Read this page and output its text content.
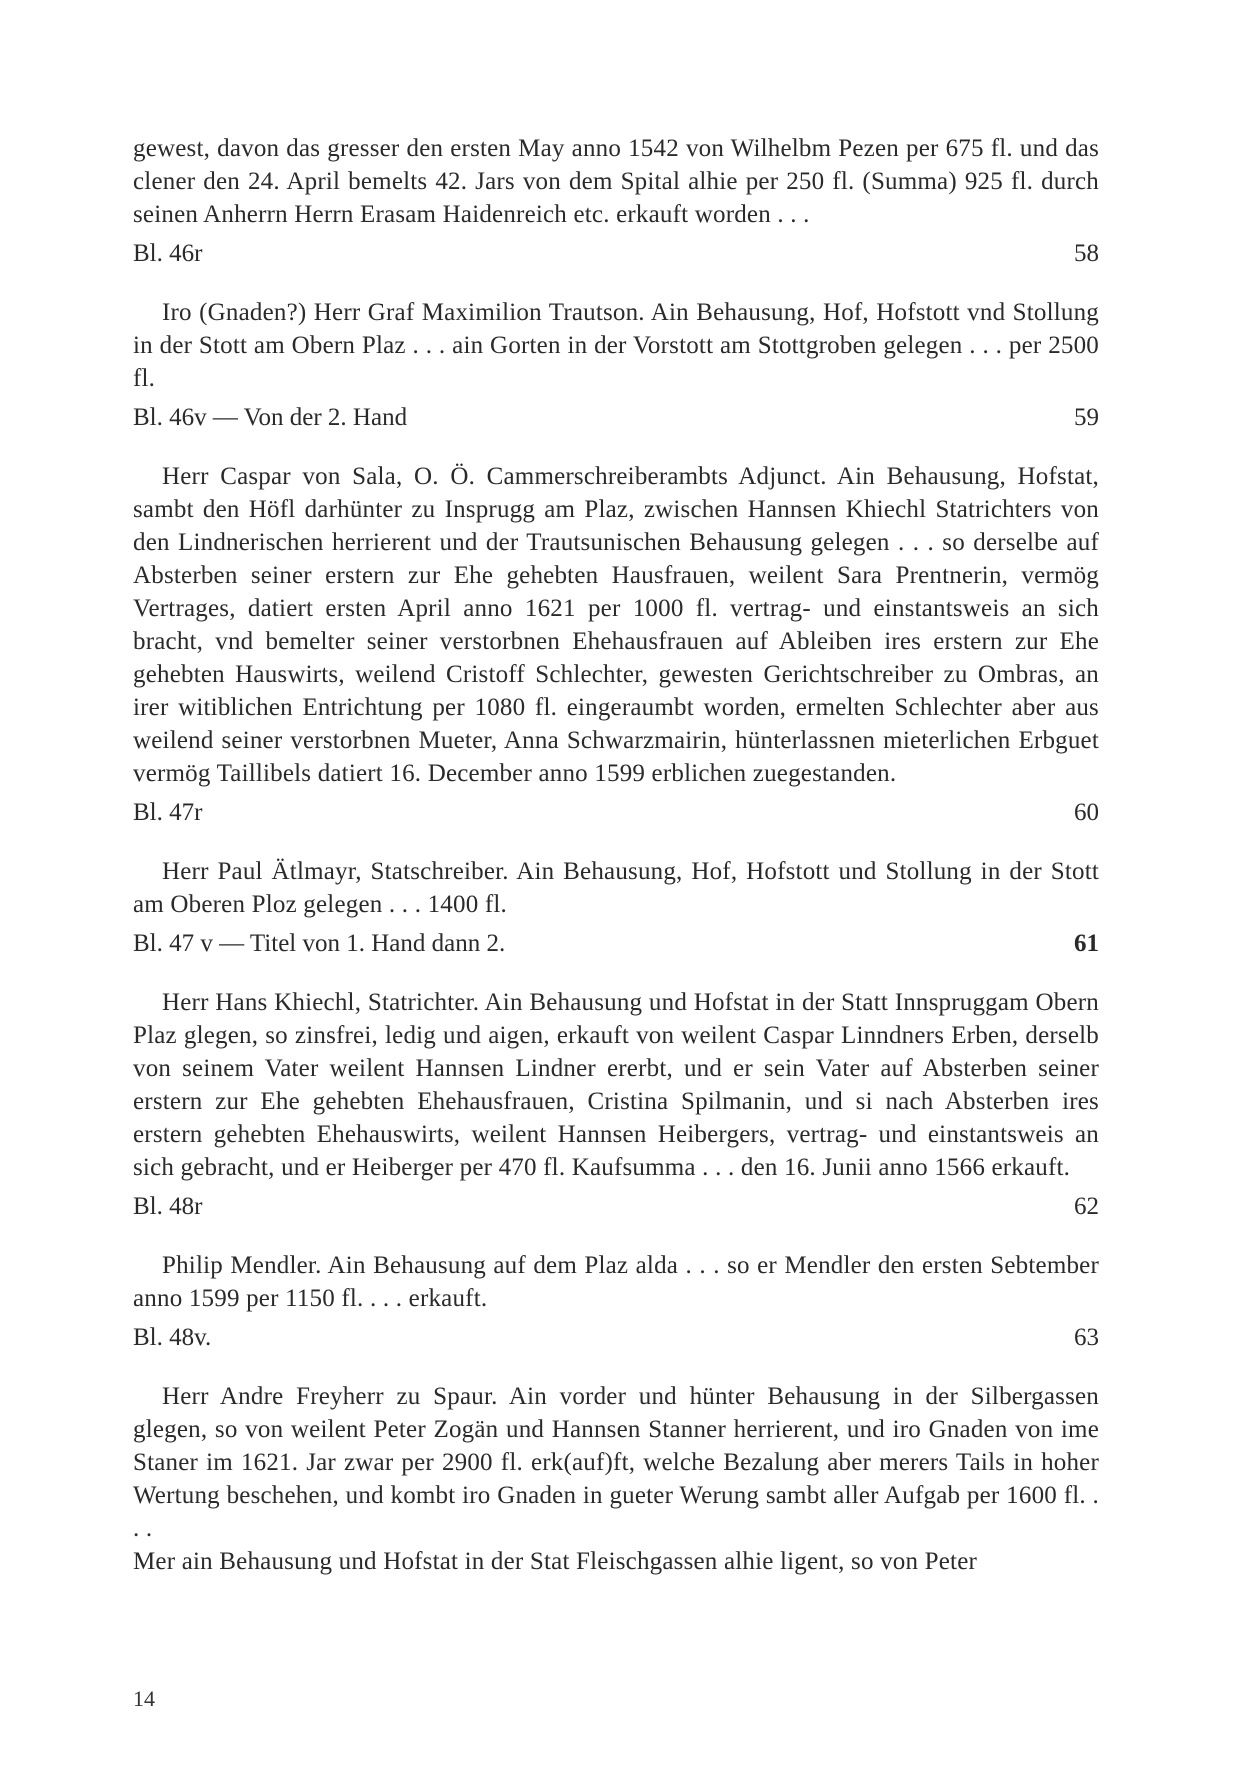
gewest, davon das gresser den ersten May anno 1542 von Wilhelbm Pezen per 675 fl. und das clener den 24. April bemelts 42. Jars von dem Spital alhie per 250 fl. (Summa) 925 fl. durch seinen Anherrn Herrn Erasam Haidenreich etc. erkauft worden . . .

Bl. 46r	58

Iro (Gnaden?) Herr Graf Maximilion Trautson. Ain Behausung, Hof, Hofstott vnd Stollung in der Stott am Obern Plaz . . . ain Gorten in der Vorstott am Stottgroben gelegen . . . per 2500 fl.

Bl. 46v — Von der 2. Hand	59

Herr Caspar von Sala, O. Ö. Cammerschreiberambts Adjunct. Ain Behausung, Hofstat, sambt den Höfl darhünter zu Insprugg am Plaz, zwischen Hannsen Khiechl Statrichters von den Lindnerischen herrierent und der Trautsunischen Behausung gelegen . . . so derselbe auf Absterben seiner erstern zur Ehe gehebten Hausfrauen, weilent Sara Prentnerin, vermög Vertrages, datiert ersten April anno 1621 per 1000 fl. vertrag- und einstantsweis an sich bracht, vnd bemelter seiner verstorbnen Ehehausfrauen auf Ableiben ires erstern zur Ehe gehebten Hauswirts, weilend Cristoff Schlechter, gewesten Gerichtschreiber zu Ombras, an irer witiblichen Entrichtung per 1080 fl. eingeraumbt worden, ermelten Schlechter aber aus weilend seiner verstorbnen Mueter, Anna Schwarzmairin, hünterlassnen mieterlichen Erbguet vermög Taillibels datiert 16. December anno 1599 erblichen zuegestanden.

Bl. 47r	60

Herr Paul Ätlmayr, Statschreiber. Ain Behausung, Hof, Hofstott und Stollung in der Stott am Oberen Ploz gelegen . . . 1400 fl.

Bl. 47 v — Titel von 1. Hand dann 2.	61

Herr Hans Khiechl, Statrichter. Ain Behausung und Hofstat in der Statt Innspruggam Obern Plaz glegen, so zinsfrei, ledig und aigen, erkauft von weilent Caspar Linndners Erben, derselb von seinem Vater weilent Hannsen Lindner ererbt, und er sein Vater auf Absterben seiner erstern zur Ehe gehebten Ehehausfrauen, Cristina Spilmanin, und si nach Absterben ires erstern gehebten Ehehauswirts, weilent Hannsen Heibergers, vertrag- und einstantsweis an sich gebracht, und er Heiberger per 470 fl. Kaufsumma . . . den 16. Junii anno 1566 erkauft.

Bl. 48r	62

Philip Mendler. Ain Behausung auf dem Plaz alda . . . so er Mendler den ersten Sebtember anno 1599 per 1150 fl. . . . erkauft.

Bl. 48v.	63

Herr Andre Freyherr zu Spaur. Ain vorder und hünter Behausung in der Silbergassen glegen, so von weilent Peter Zogän und Hannsen Stanner herrierent, und iro Gnaden von ime Staner im 1621. Jar zwar per 2900 fl. erk(auf)ft, welche Bezalung aber merers Tails in hoher Wertung beschehen, und kombt iro Gnaden in gueter Werung sambt aller Aufgab per 1600 fl. . . .

Mer ain Behausung und Hofstat in der Stat Fleischgassen alhie ligent, so von Peter

14
